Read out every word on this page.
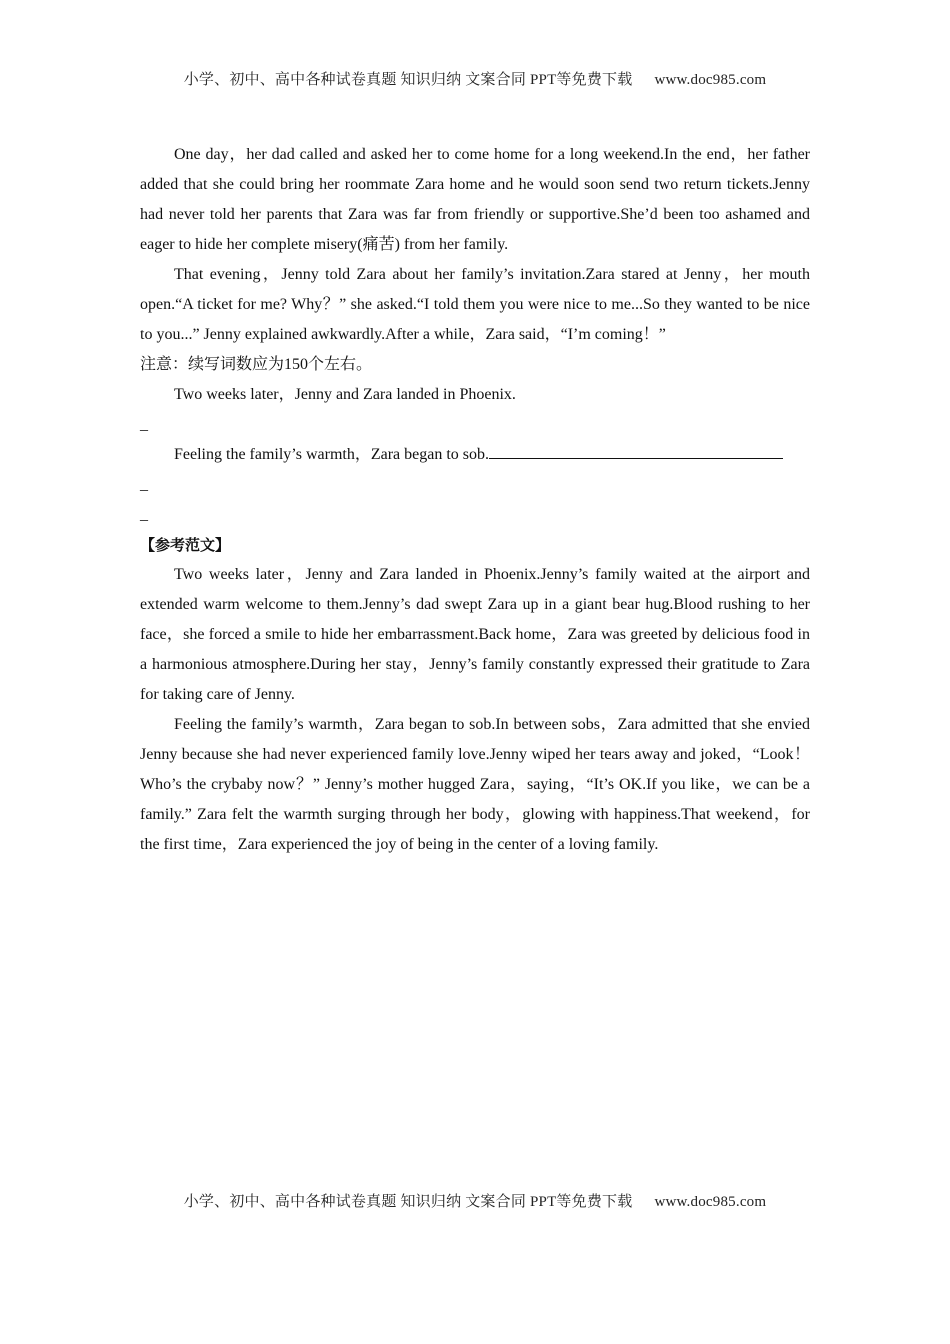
小学、初中、高中各种试卷真题 知识归纳 文案合同 PPT等免费下载 www.doc985.com

One day，her dad called and asked her to come home for a long weekend.In the end，her father added that she could bring her roommate Zara home and he would soon send two return tickets.Jenny had never told her parents that Zara was far from friendly or supportive.She’d been too ashamed and eager to hide her complete misery(痛苦) from her family.

That evening，Jenny told Zara about her family’s invitation.Zara stared at Jenny，her mouth open.“A ticket for me? Why？” she asked.“I told them you were nice to me...So they wanted to be nice to you...” Jenny explained awkwardly.After a while，Zara said，“I’m coming！”

注意：续写词数应为150个左右。

Two weeks later，Jenny and Zara landed in Phoenix.

_

Feeling the family’s warmth，Zara began to sob.

_

_

【参考范文】

Two weeks later，Jenny and Zara landed in Phoenix.Jenny’s family waited at the airport and extended warm welcome to them.Jenny’s dad swept Zara up in a giant bear hug.Blood rushing to her face，she forced a smile to hide her embarrassment.Back home，Zara was greeted by delicious food in a harmonious atmosphere.During her stay，Jenny’s family constantly expressed their gratitude to Zara for taking care of Jenny.

Feeling the family’s warmth，Zara began to sob.In between sobs，Zara admitted that she envied Jenny because she had never experienced family love.Jenny wiped her tears away and joked，“Look！Who’s the crybaby now？” Jenny’s mother hugged Zara，saying，“It’s OK.If you like，we can be a family.” Zara felt the warmth surging through her body，glowing with happiness.That weekend，for the first time，Zara experienced the joy of being in the center of a loving family.

小学、初中、高中各种试卷真题 知识归纳 文案合同 PPT等免费下载 www.doc985.com
